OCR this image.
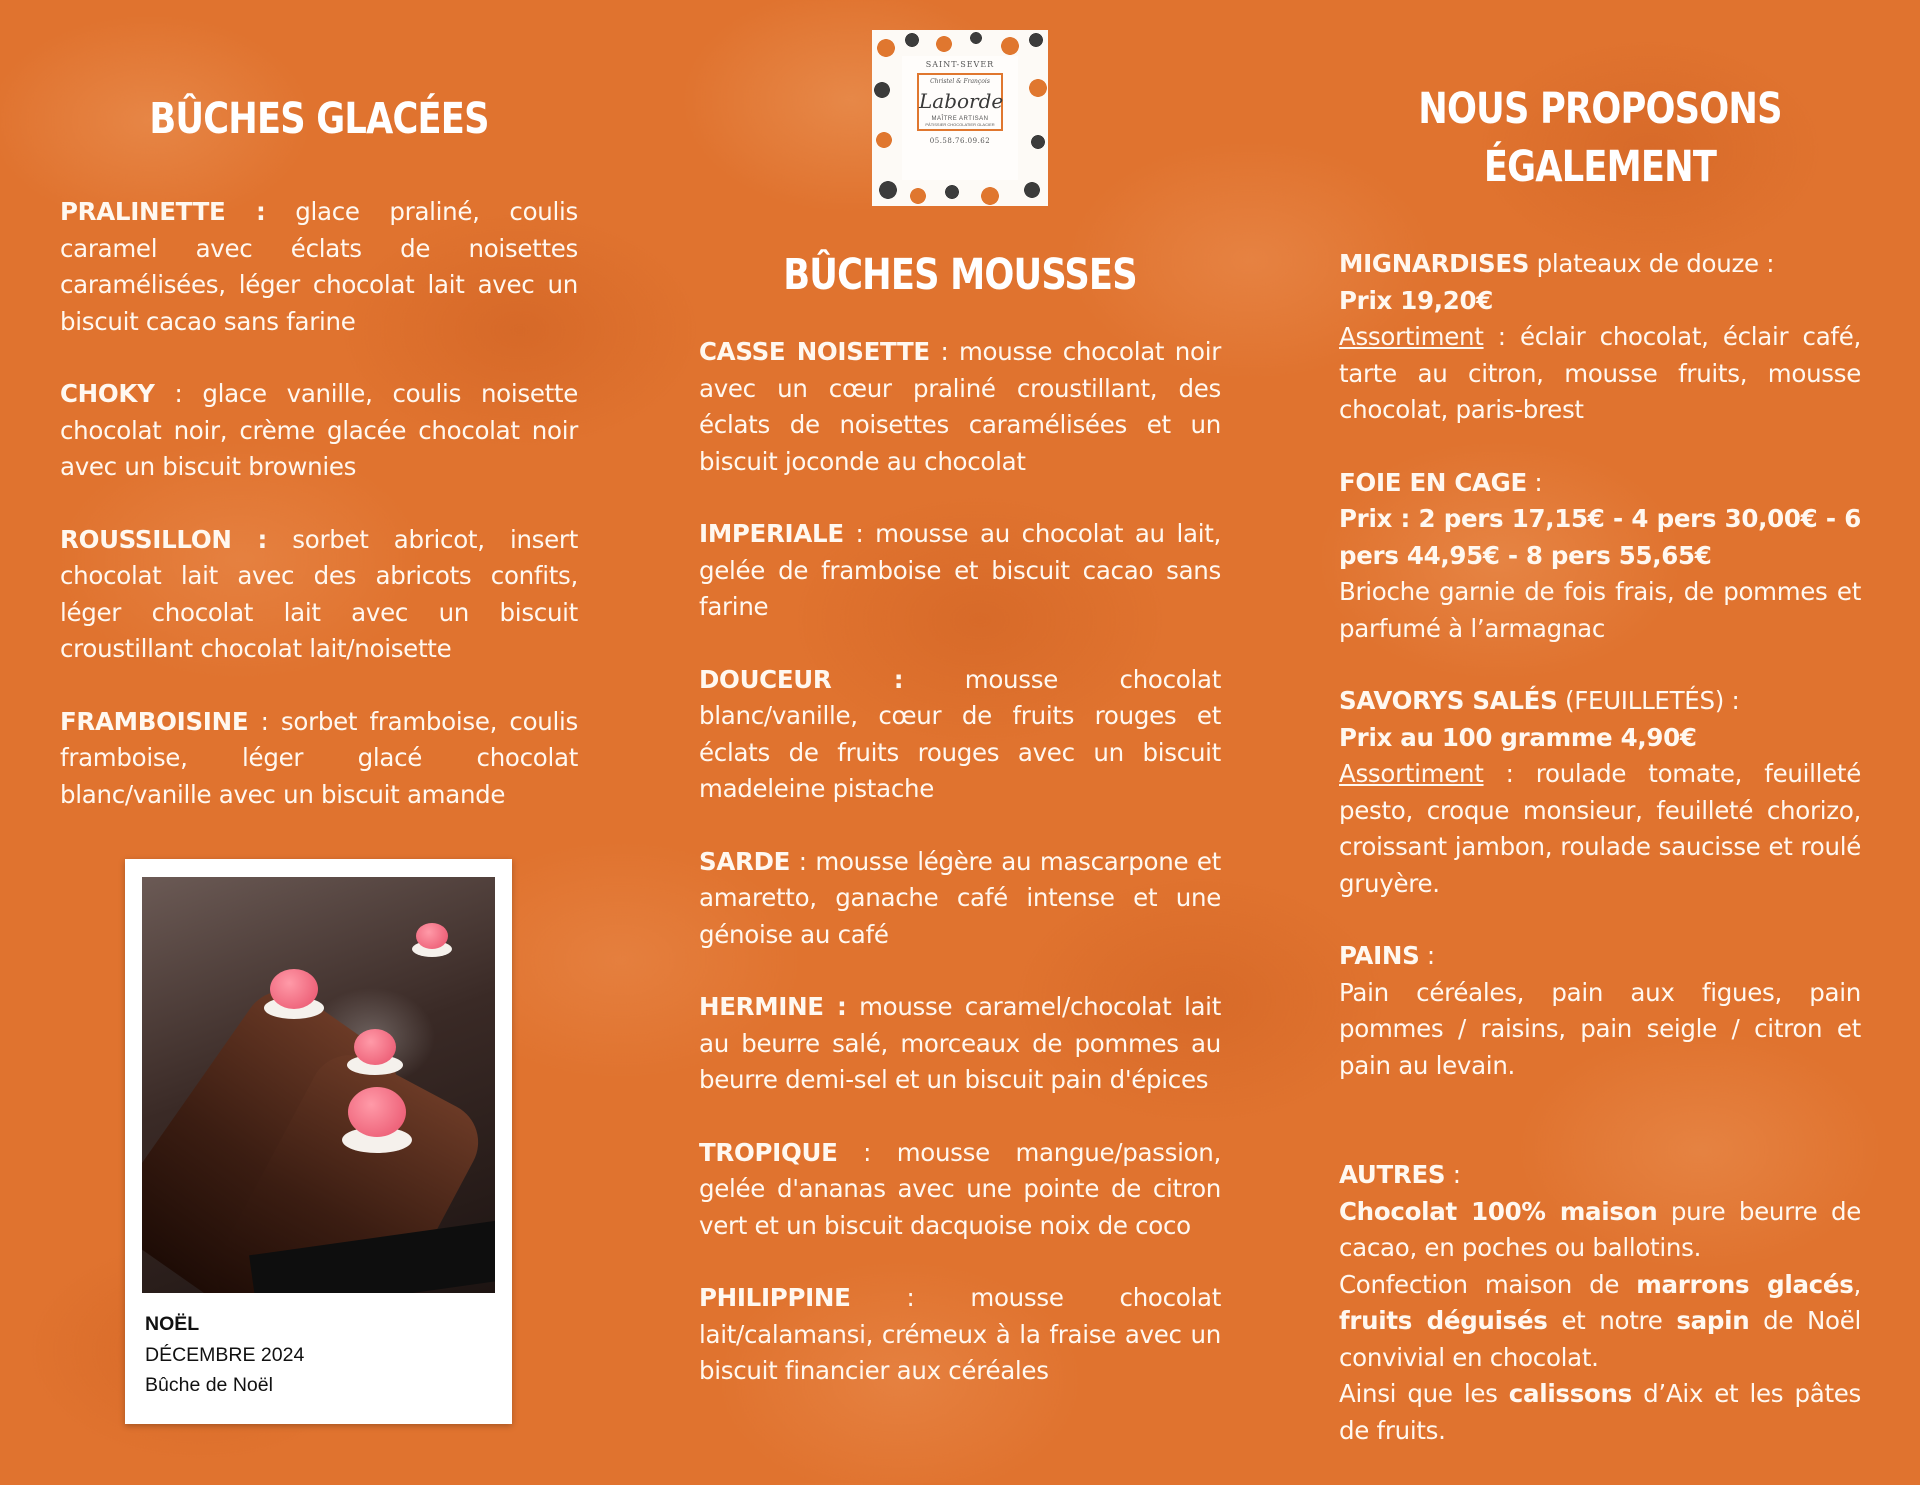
BÛCHES GLACÉES

PRALINETTE : glace praliné, coulis caramel avec éclats de noisettes caramélisées, léger chocolat lait avec un biscuit cacao sans farine

CHOKY : glace vanille, coulis noisette chocolat noir, crème glacée chocolat noir avec un biscuit brownies

ROUSSILLON : sorbet abricot, insert chocolat lait avec des abricots confits, léger chocolat lait avec un biscuit croustillant chocolat lait/noisette

FRAMBOISINE : sorbet framboise, coulis framboise, léger glacé chocolat blanc/vanille avec un biscuit amande

NOËL
DÉCEMBRE 2024
Bûche de Noël
SAINT-SEVER
Christel & François
Laborde
MAÎTRE ARTISAN
PÂTISSIER CHOCOLATIER GLACIER
05.58.76.09.62
BÛCHES MOUSSES

CASSE NOISETTE : mousse chocolat noir avec un cœur praliné croustillant, des éclats de noisettes caramélisées et un biscuit joconde au chocolat

IMPERIALE : mousse au chocolat au lait, gelée de framboise et biscuit cacao sans farine

DOUCEUR : mousse chocolat blanc/vanille, cœur de fruits rouges et éclats de fruits rouges avec un biscuit madeleine pistache

SARDE : mousse légère au mascarpone et amaretto, ganache café intense et une génoise au café

HERMINE : mousse caramel/chocolat lait au beurre salé, morceaux de pommes au beurre demi-sel et un biscuit pain d'épices

TROPIQUE : mousse mangue/passion, gelée d'ananas avec une pointe de citron vert et un biscuit dacquoise noix de coco

PHILIPPINE : mousse chocolat lait/calamansi, crémeux à la fraise avec un biscuit financier aux céréales

NOUS PROPOSONS
ÉGALEMENT

MIGNARDISES plateaux de douze :
Prix 19,20€
Assortiment : éclair chocolat, éclair café, tarte au citron, mousse fruits, mousse chocolat, paris-brest

FOIE EN CAGE :
Prix : 2 pers 17,15€ - 4 pers 30,00€ - 6 pers 44,95€ - 8 pers 55,65€
Brioche garnie de fois frais, de pommes et parfumé à l’armagnac

SAVORYS SALÉS (FEUILLETÉS) :
Prix au 100 gramme 4,90€
Assortiment : roulade tomate, feuilleté pesto, croque monsieur, feuilleté chorizo, croissant jambon, roulade saucisse et roulé gruyère.

PAINS :
Pain céréales, pain aux figues, pain pommes / raisins, pain seigle / citron et pain au levain.

AUTRES :
Chocolat 100% maison pure beurre de cacao, en poches ou ballotins.
Confection maison de marrons glacés, fruits déguisés et notre sapin de Noël convivial en chocolat.
Ainsi que les calissons d’Aix et les pâtes de fruits.
